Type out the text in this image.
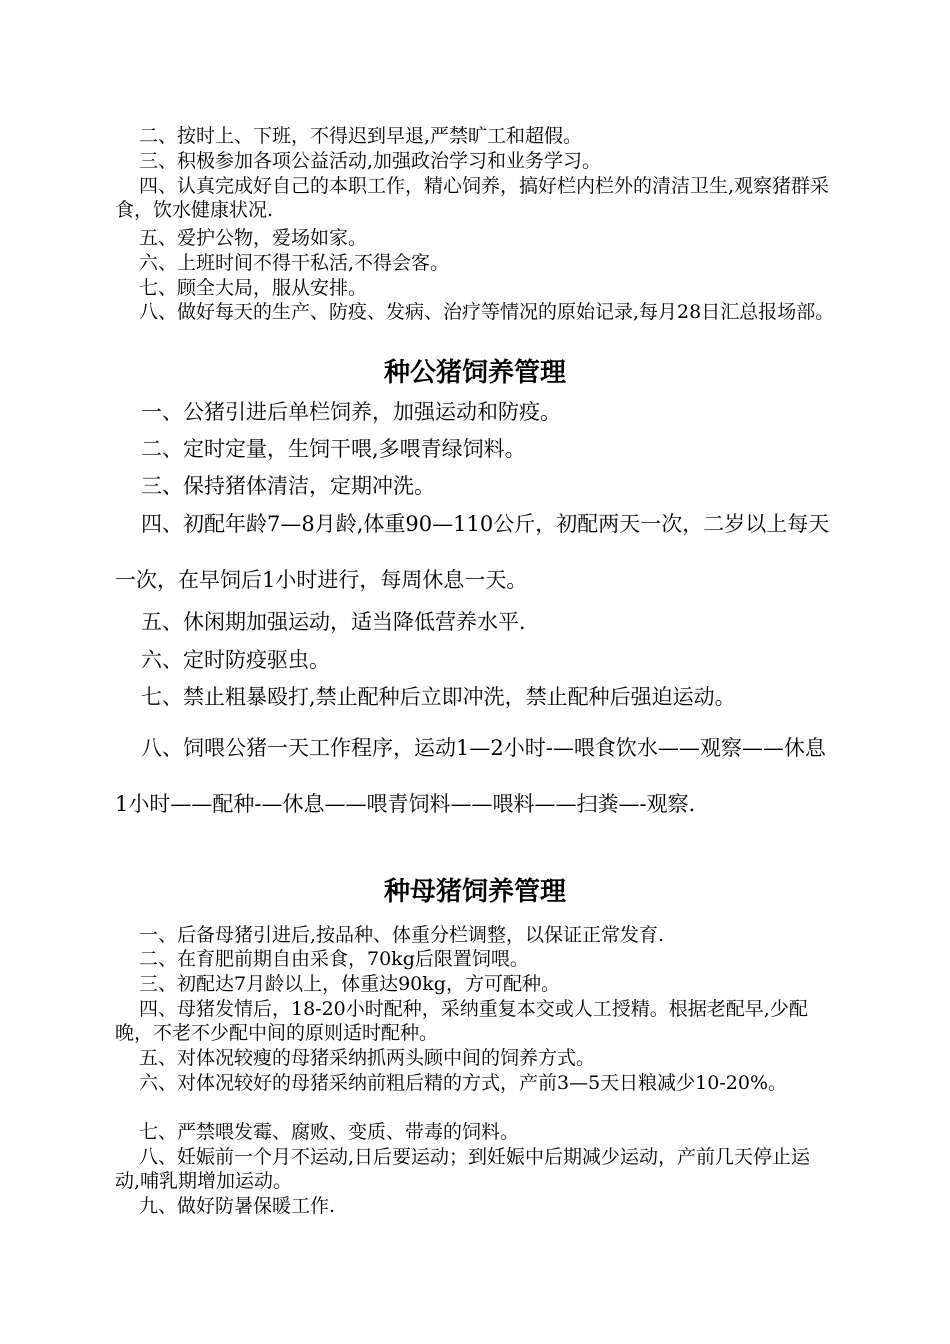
二、按时上、下班，不得迟到早退,严禁旷工和超假。

三、积极参加各项公益活动,加强政治学习和业务学习。

四、认真完成好自己的本职工作，精心饲养，搞好栏内栏外的清洁卫生,观察猪群采食，饮水健康状况.

五、爱护公物，爱场如家。

六、上班时间不得干私活,不得会客。

七、顾全大局，服从安排。

八、做好每天的生产、防疫、发病、治疗等情况的原始记录,每月28日汇总报场部。

种公猪饲养管理

一、公猪引进后单栏饲养，加强运动和防疫。

二、定时定量，生饲干喂,多喂青绿饲料。

三、保持猪体清洁，定期冲洗。

四、初配年龄7—8月龄,体重90—110公斤，初配两天一次，二岁以上每天一次，在早饲后1小时进行，每周休息一天。

五、休闲期加强运动，适当降低营养水平.

六、定时防疫驱虫。

七、禁止粗暴殴打,禁止配种后立即冲洗，禁止配种后强迫运动。

八、饲喂公猪一天工作程序，运动1—2小时-—喂食饮水——观察——休息1小时——配种-—休息——喂青饲料——喂料——扫粪—-观察.

种母猪饲养管理

一、后备母猪引进后,按品种、体重分栏调整，以保证正常发育.

二、在育肥前期自由采食，70kg后限置饲喂。

三、初配达7月龄以上，体重达90kg，方可配种。

四、母猪发情后，18-20小时配种，采纳重复本交或人工授精。根据老配早,少配晚，不老不少配中间的原则适时配种。

五、对体况较瘦的母猪采纳抓两头顾中间的饲养方式。

六、对体况较好的母猪采纳前粗后精的方式，产前3—5天日粮减少10-20%。

七、严禁喂发霉、腐败、变质、带毒的饲料。

八、妊娠前一个月不运动,日后要运动；到妊娠中后期减少运动，产前几天停止运动,哺乳期增加运动。

九、做好防暑保暖工作.
